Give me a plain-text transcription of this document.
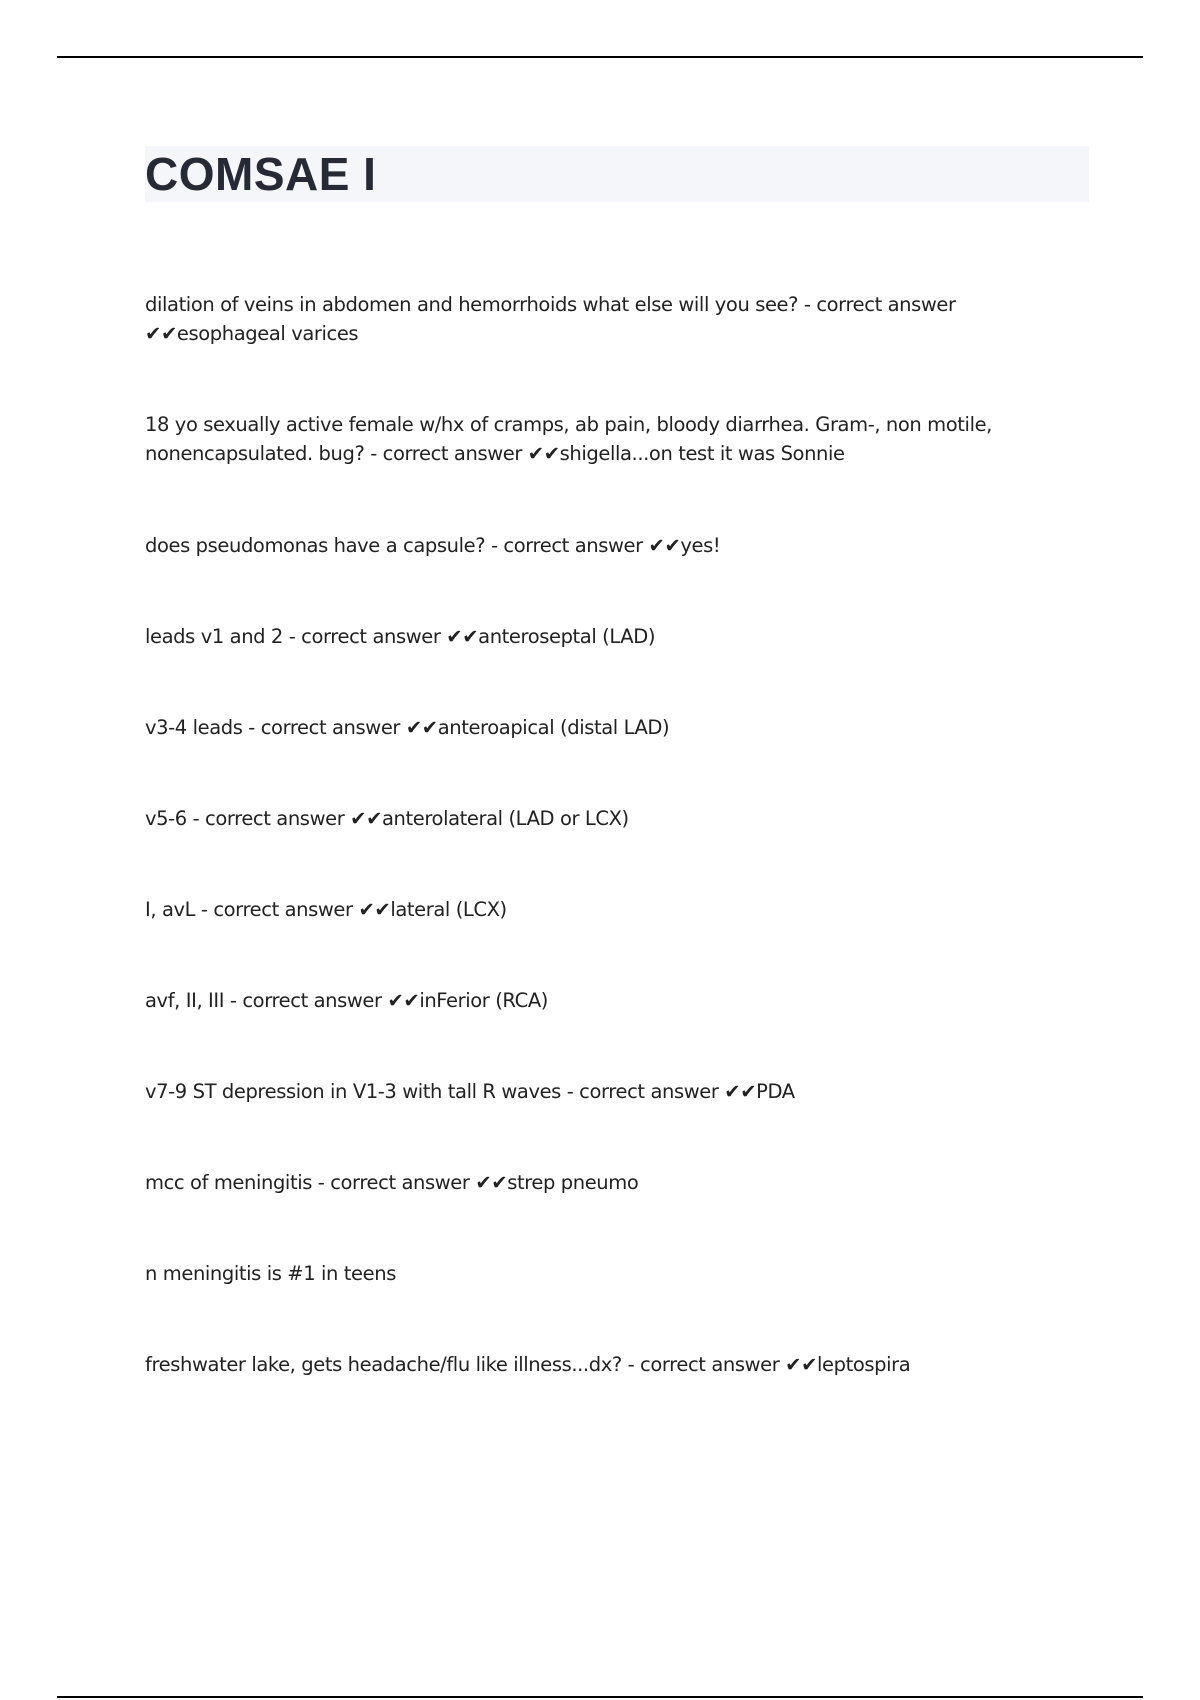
COMSAE I

dilation of veins in abdomen and hemorrhoids what else will you see? - correct answer ✔✔esophageal varices

18 yo sexually active female w/hx of cramps, ab pain, bloody diarrhea. Gram-, non motile, nonencapsulated. bug? - correct answer ✔✔shigella...on test it was Sonnie

does pseudomonas have a capsule? - correct answer ✔✔yes!

leads v1 and 2 - correct answer ✔✔anteroseptal (LAD)

v3-4 leads - correct answer ✔✔anteroapical (distal LAD)

v5-6 - correct answer ✔✔anterolateral (LAD or LCX)

I, avL - correct answer ✔✔lateral (LCX)

avf, II, III - correct answer ✔✔inFerior (RCA)

v7-9 ST depression in V1-3 with tall R waves - correct answer ✔✔PDA

mcc of meningitis - correct answer ✔✔strep pneumo

n meningitis is #1 in teens

freshwater lake, gets headache/flu like illness...dx? - correct answer ✔✔leptospira
